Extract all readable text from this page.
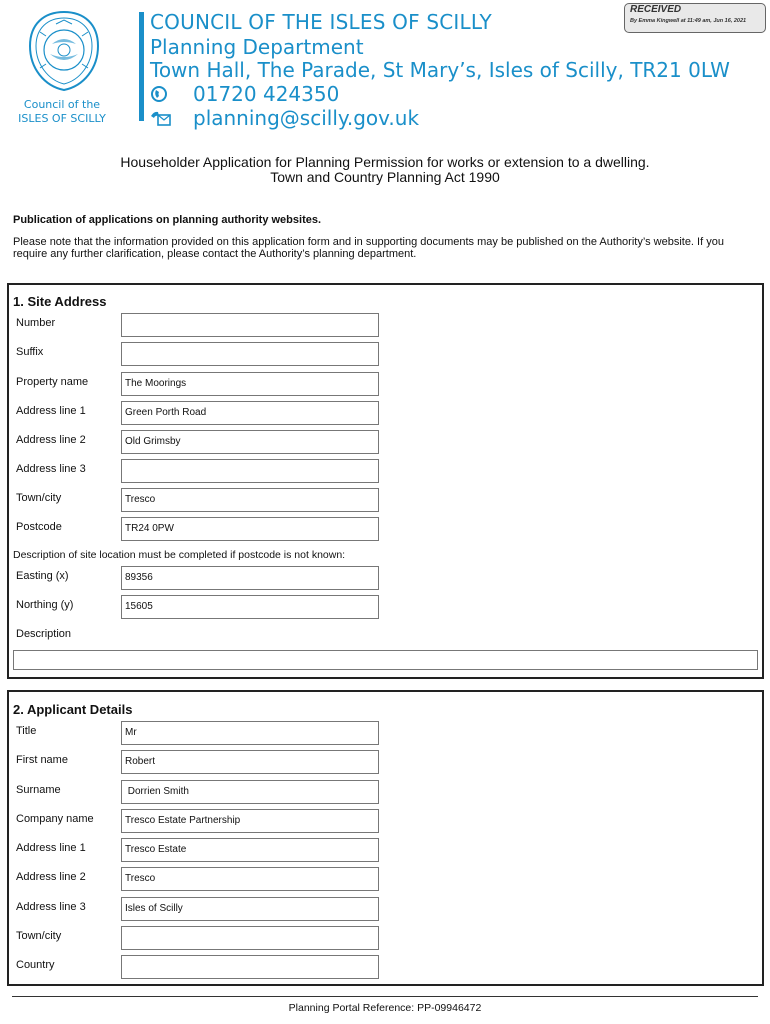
Council of the
ISLES OF SCILLY
COUNCIL OF THE ISLES OF SCILLY
Planning Department
Town Hall, The Parade, St Mary’s, Isles of Scilly, TR21 0LW
01720 424350
planning@scilly.gov.uk
RECEIVED
By Emma Kingwell at 11:49 am, Jun 16, 2021
Householder Application for Planning Permission for works or extension to a dwelling.
Town and Country Planning Act 1990
Publication of applications on planning authority websites.
Please note that the information provided on this application form and in supporting documents may be published on the Authority’s website. If you require any further clarification, please contact the Authority’s planning department.
1. Site Address
Number
Suffix
Property name	The Moorings
Address line 1	Green Porth Road
Address line 2	Old Grimsby
Address line 3
Town/city	Tresco
Postcode	TR24 0PW
Description of site location must be completed if postcode is not known:
Easting (x)	89356
Northing (y)	15605
Description
2. Applicant Details
Title	Mr
First name	Robert
Surname	Dorrien Smith
Company name	Tresco Estate Partnership
Address line 1	Tresco Estate
Address line 2	Tresco
Address line 3	Isles of Scilly
Town/city
Country
Planning Portal Reference: PP-09946472
